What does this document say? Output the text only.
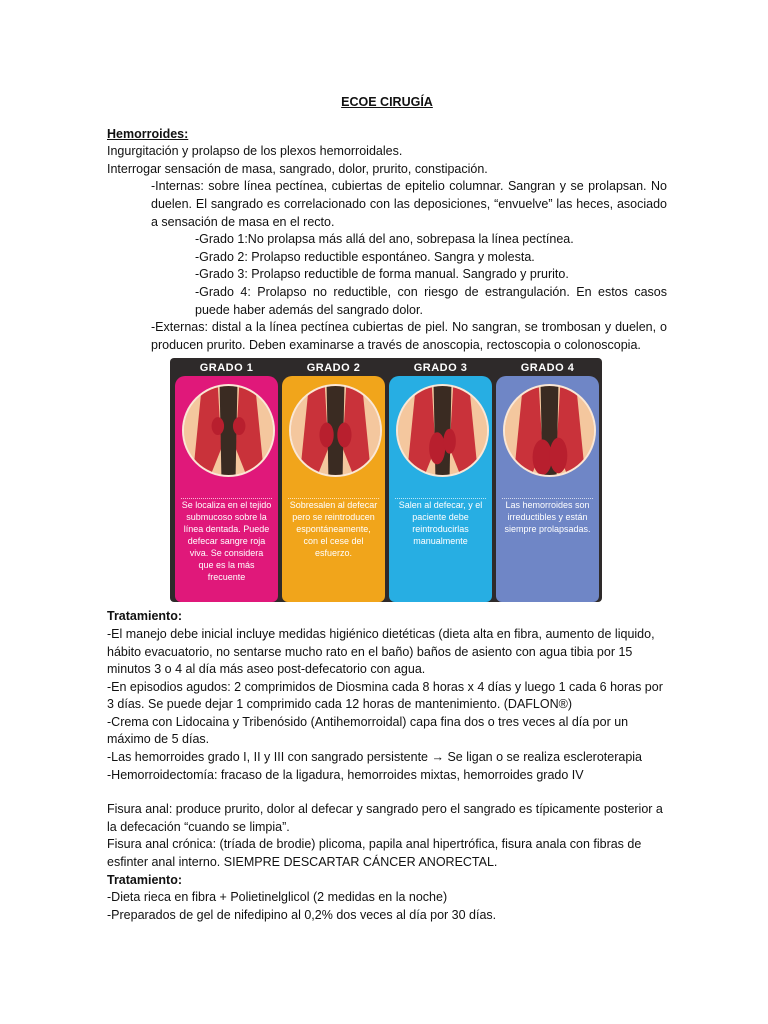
ECOE CIRUGÍA
Hemorroides:

Ingurgitación y prolapso de los plexos hemorroidales.

Interrogar sensación de masa, sangrado, dolor, prurito, constipación.

-Internas: sobre línea pectínea, cubiertas de epitelio columnar. Sangran y se prolapsan. No duelen. El sangrado es correlacionado con las deposiciones, “envuelve” las heces, asociado a sensación de masa en el recto.

-Grado 1:No prolapsa más allá del ano, sobrepasa la línea pectínea.

-Grado 2: Prolapso reductible espontáneo. Sangra y molesta.

-Grado 3: Prolapso reductible de forma manual. Sangrado y prurito.

-Grado 4: Prolapso no reductible, con riesgo de estrangulación. En estos casos puede haber además del sangrado dolor.

-Externas: distal a la línea pectínea cubiertas de piel. No sangran, se trombosan y duelen, o producen prurito. Deben examinarse a través de anoscopia, rectoscopia o colonoscopia.

GRADO 1
Se localiza en el tejido submucoso sobre la línea dentada. Puede defecar sangre roja viva. Se considera que es la más frecuente
GRADO 2
Sobresalen al defecar pero se reintroducen espontáneamente, con el cese del esfuerzo.
GRADO 3
Salen al defecar, y el paciente debe reintroducirlas manualmente
GRADO 4
Las hemorroides son irreductibles y están siempre prolapsadas.
Tratamiento:

-El manejo debe inicial incluye medidas higiénico dietéticas (dieta alta en fibra, aumento de liquido, hábito evacuatorio, no sentarse mucho rato en el baño) baños de asiento con agua tibia por 15 minutos 3 o 4 al día más aseo post-defecatorio con agua.

-En episodios agudos: 2 comprimidos de Diosmina cada 8 horas x 4 días y luego 1 cada 6 horas por 3 días. Se puede dejar 1 comprimido cada 12 horas de mantenimiento. (DAFLON®)

-Crema con Lidocaina y Tribenósido (Antihemorroidal) capa fina dos o tres veces al día por un máximo de 5 días.

-Las hemorroides grado I, II y III con sangrado persistente → Se ligan o se realiza escleroterapia

-Hemorroidectomía: fracaso de la ligadura, hemorroides mixtas, hemorroides grado IV

Fisura anal: produce prurito, dolor al defecar y sangrado pero el sangrado es típicamente posterior a la defecación “cuando se limpia”.

Fisura anal crónica: (tríada de brodie) plicoma, papila anal hipertrófica, fisura anala con fibras de esfinter anal interno. SIEMPRE DESCARTAR CÁNCER ANORECTAL.

Tratamiento:

-Dieta rieca en fibra + Polietinelglicol (2 medidas en la noche)

-Preparados de gel de nifedipino al 0,2% dos veces al día por 30 días.
